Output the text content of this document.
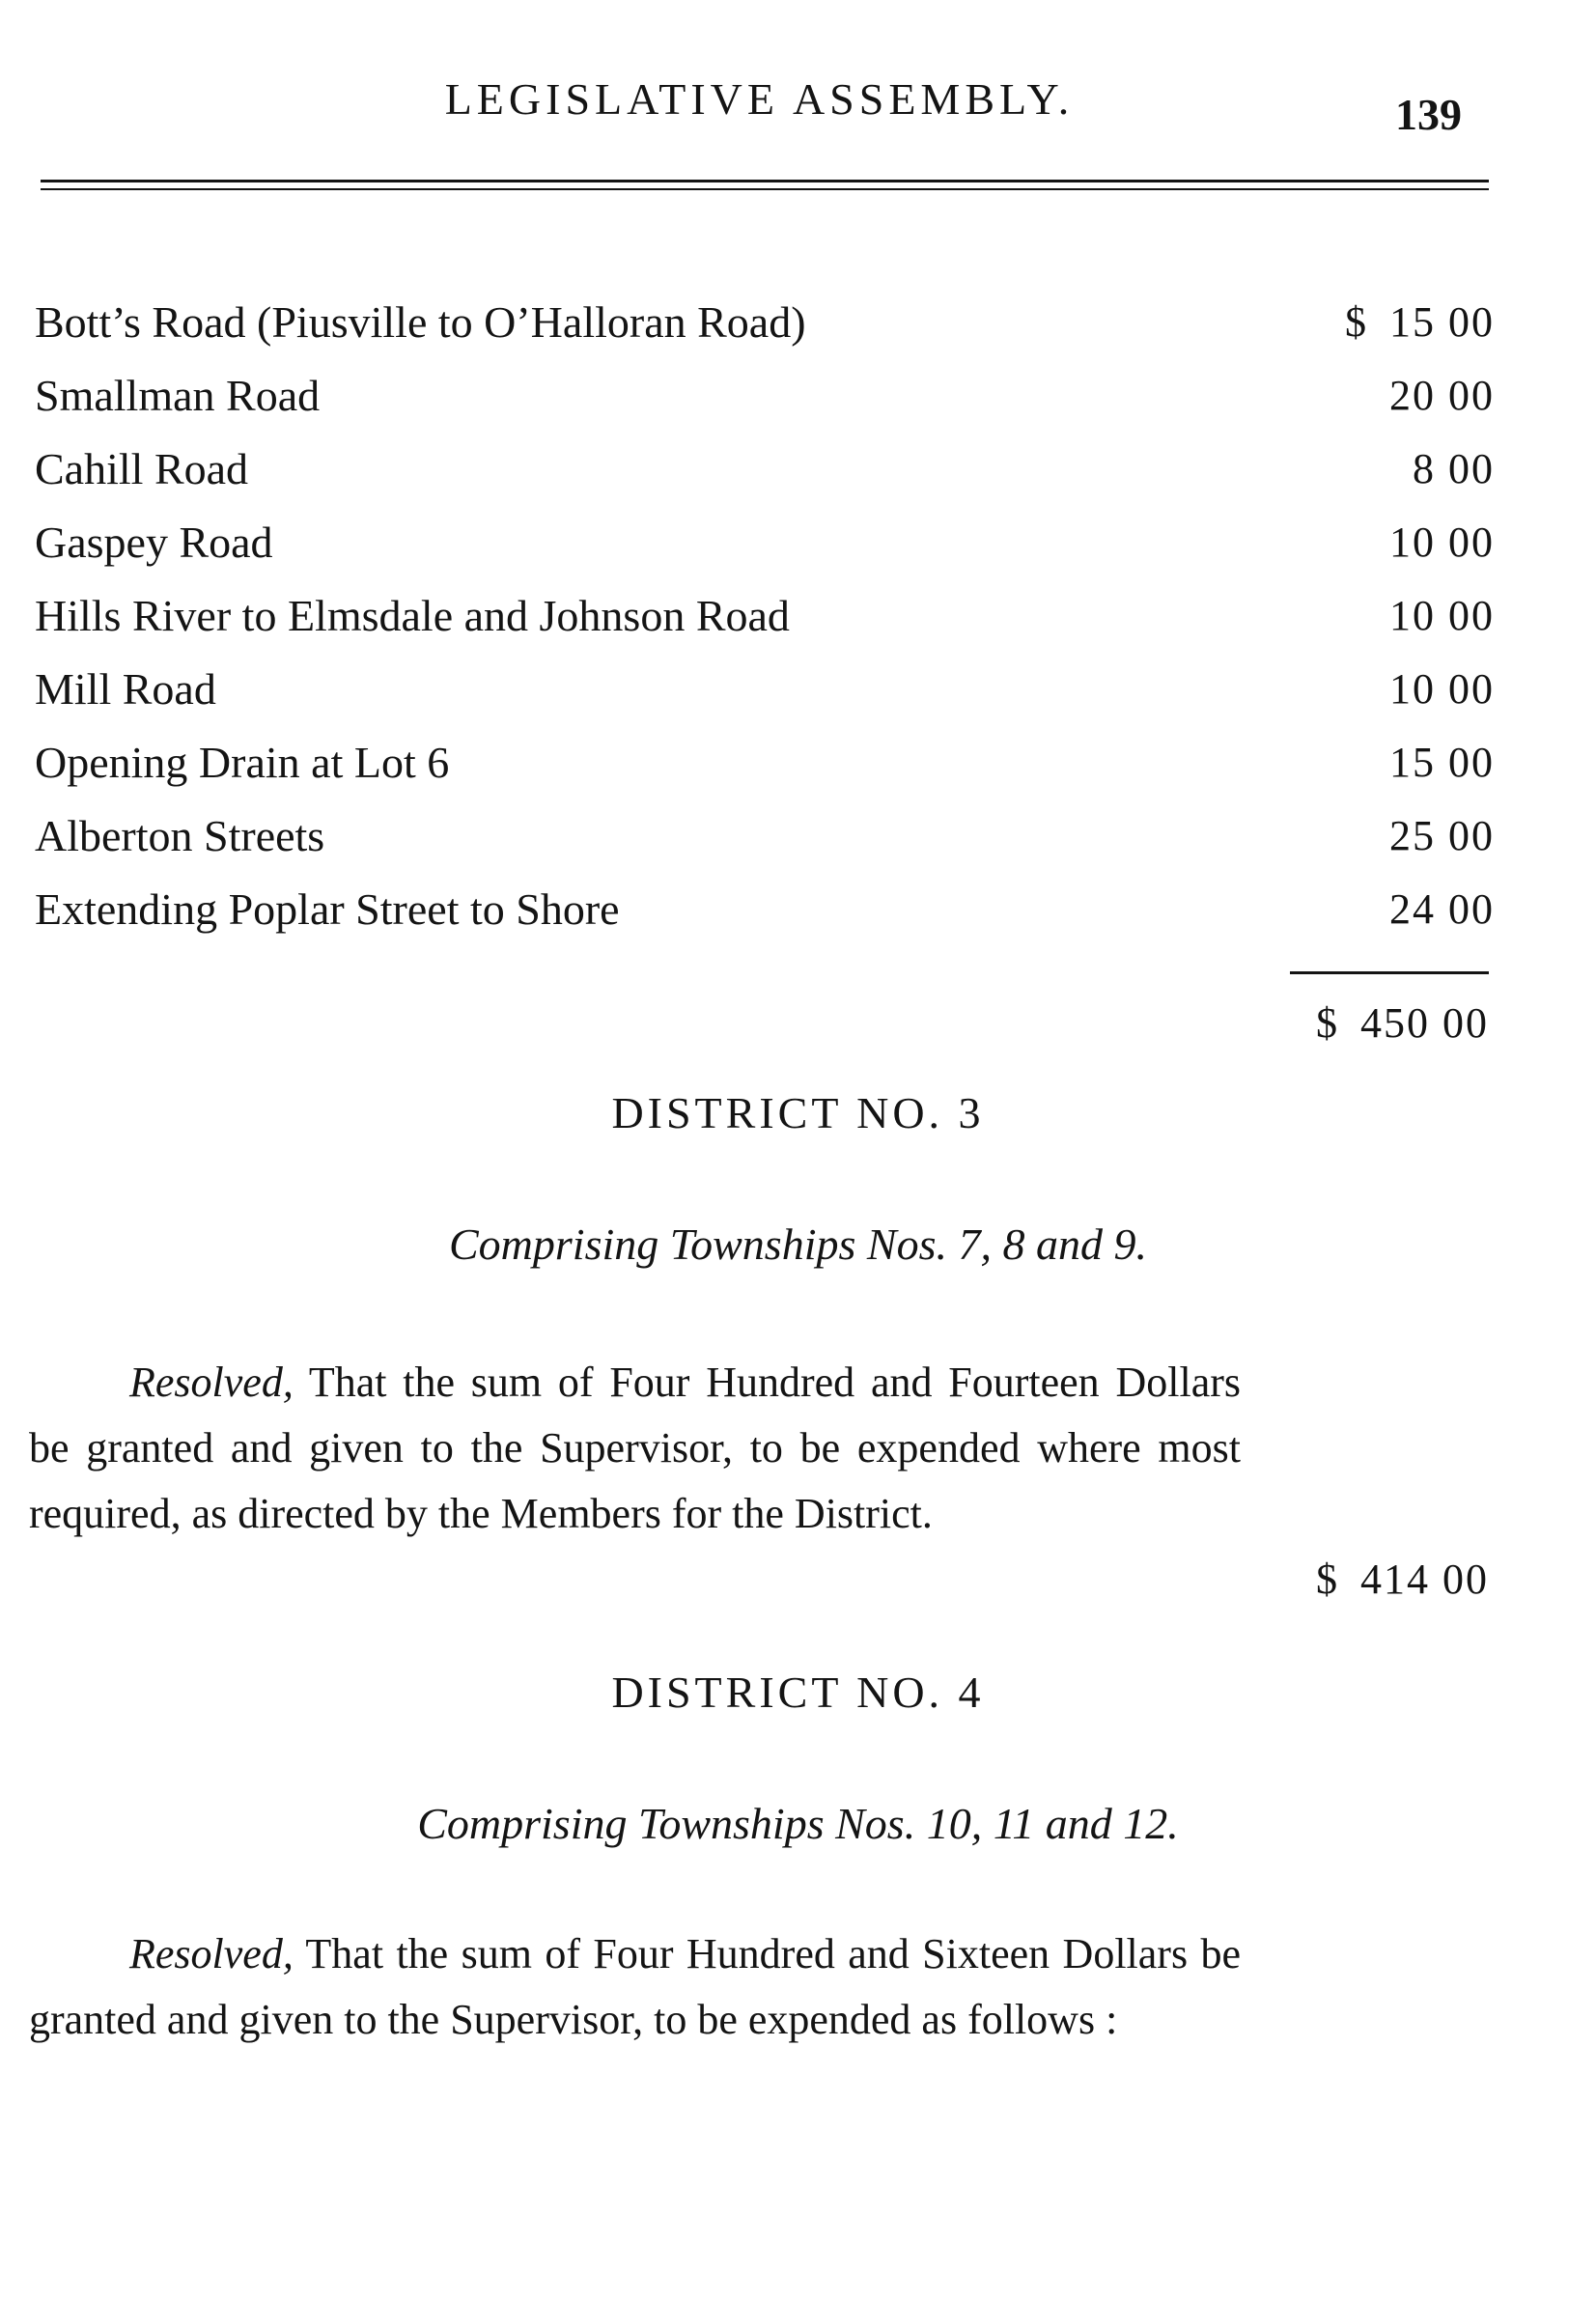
LEGISLATIVE ASSEMBLY.	139
Bott’s Road (Piusville to O’Halloran Road)	$ 15 00
Smallman Road	20 00
Cahill Road	8 00
Gaspey Road	10 00
Hills River to Elmsdale and Johnson Road	10 00
Mill Road	10 00
Opening Drain at Lot 6	15 00
Alberton Streets	25 00
Extending Poplar Street to Shore	24 00
$ 450 00
DISTRICT NO. 3
Comprising Townships Nos. 7, 8 and 9.
Resolved, That the sum of Four Hundred and Fourteen Dollars be granted and given to the Supervisor, to be expended where most required, as directed by the Members for the District.
$ 414 00
DISTRICT NO. 4
Comprising Townships Nos. 10, 11 and 12.
Resolved, That the sum of Four Hundred and Sixteen Dollars be granted and given to the Supervisor, to be expended as follows :
